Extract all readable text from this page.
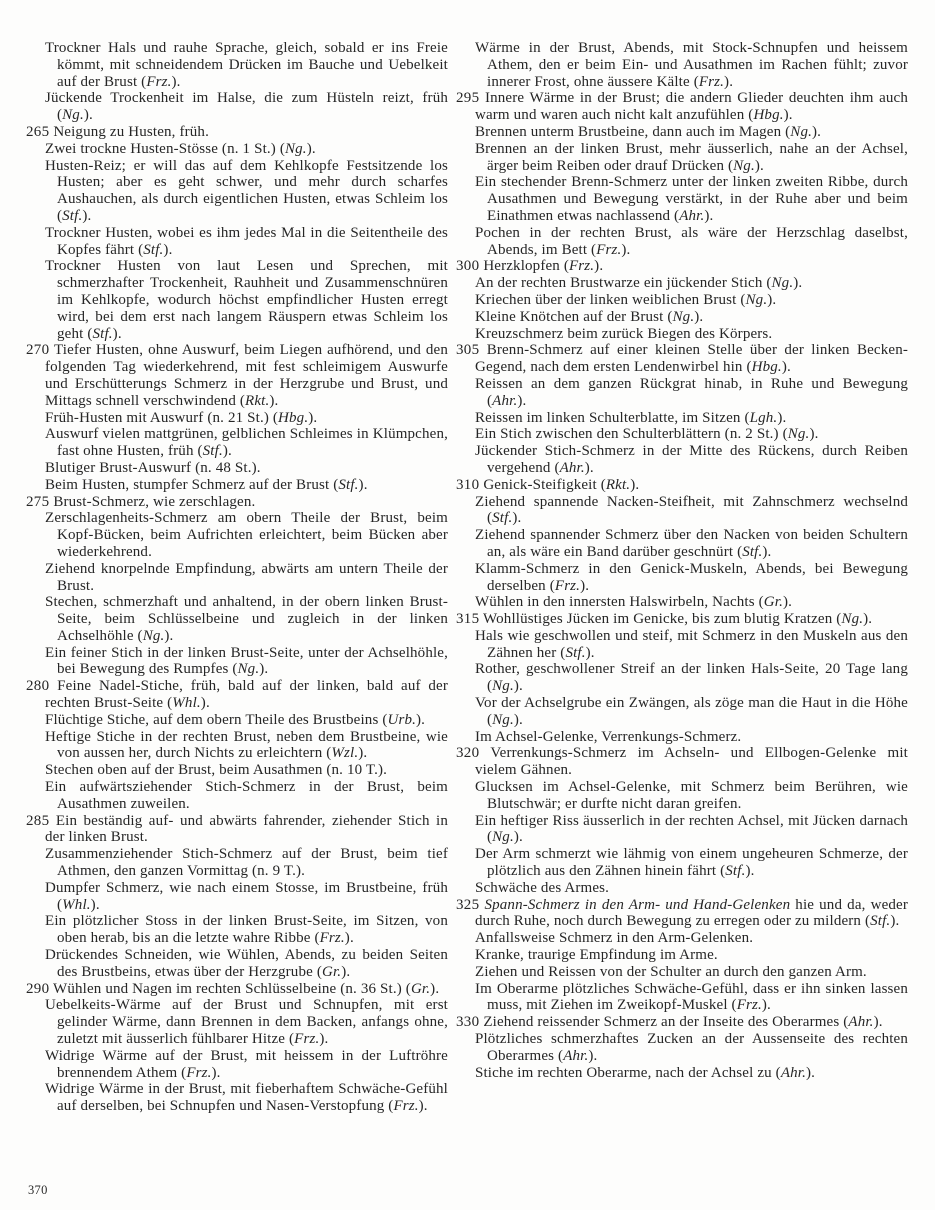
Trockner Hals und rauhe Sprache, gleich, sobald er ins Freie kömmt, mit schneidendem Drücken im Bauche und Uebelkeit auf der Brust (Frz.).

Jückende Trockenheit im Halse, die zum Hüsteln reizt, früh (Ng.).

265 Neigung zu Husten, früh.

Zwei trockne Husten-Stösse (n. 1 St.) (Ng.).

Husten-Reiz; er will das auf dem Kehlkopfe Festsitzende los Husten; aber es geht schwer, und mehr durch scharfes Aushauchen, als durch eigentlichen Husten, etwas Schleim los (Stf.).

Trockner Husten, wobei es ihm jedes Mal in die Seitentheile des Kopfes fährt (Stf.).

Trockner Husten von laut Lesen und Sprechen, mit schmerzhafter Trockenheit, Rauhheit und Zusammenschnüren im Kehlkopfe, wodurch höchst empfindlicher Husten erregt wird, bei dem erst nach langem Räuspern etwas Schleim los geht (Stf.).

270 Tiefer Husten, ohne Auswurf, beim Liegen aufhörend, und den folgenden Tag wiederkehrend, mit fest schleimigem Auswurfe und Erschütterungs Schmerz in der Herzgrube und Brust, und Mittags schnell verschwindend (Rkt.).

Früh-Husten mit Auswurf (n. 21 St.) (Hbg.).

Auswurf vielen mattgrünen, gelblichen Schleimes in Klümpchen, fast ohne Husten, früh (Stf.).

Blutiger Brust-Auswurf (n. 48 St.).

Beim Husten, stumpfer Schmerz auf der Brust (Stf.).

275 Brust-Schmerz, wie zerschlagen.

Zerschlagenheits-Schmerz am obern Theile der Brust, beim Kopf-Bücken, beim Aufrichten erleichtert, beim Bücken aber wiederkehrend.

Ziehend knorpelnde Empfindung, abwärts am untern Theile der Brust.

Stechen, schmerzhaft und anhaltend, in der obern linken Brust-Seite, beim Schlüsselbeine und zugleich in der linken Achselhöhle (Ng.).

Ein feiner Stich in der linken Brust-Seite, unter der Achselhöhle, bei Bewegung des Rumpfes (Ng.).

280 Feine Nadel-Stiche, früh, bald auf der linken, bald auf der rechten Brust-Seite (Whl.).

Flüchtige Stiche, auf dem obern Theile des Brustbeins (Urb.).

Heftige Stiche in der rechten Brust, neben dem Brustbeine, wie von aussen her, durch Nichts zu erleichtern (Wzl.).

Stechen oben auf der Brust, beim Ausathmen (n. 10 T.).

Ein aufwärtsziehender Stich-Schmerz in der Brust, beim Ausathmen zuweilen.

285 Ein beständig auf- und abwärts fahrender, ziehender Stich in der linken Brust.

Zusammenziehender Stich-Schmerz auf der Brust, beim tief Athmen, den ganzen Vormittag (n. 9 T.).

Dumpfer Schmerz, wie nach einem Stosse, im Brustbeine, früh (Whl.).

Ein plötzlicher Stoss in der linken Brust-Seite, im Sitzen, von oben herab, bis an die letzte wahre Ribbe (Frz.).

Drückendes Schneiden, wie Wühlen, Abends, zu beiden Seiten des Brustbeins, etwas über der Herzgrube (Gr.).

290 Wühlen und Nagen im rechten Schlüsselbeine (n. 36 St.) (Gr.).

Uebelkeits-Wärme auf der Brust und Schnupfen, mit erst gelinder Wärme, dann Brennen in dem Backen, anfangs ohne, zuletzt mit äusserlich fühlbarer Hitze (Frz.).

Widrige Wärme auf der Brust, mit heissem in der Luftröhre brennendem Athem (Frz.).

Widrige Wärme in der Brust, mit fieberhaftem Schwäche-Gefühl auf derselben, bei Schnupfen und Nasen-Verstopfung (Frz.).

Wärme in der Brust, Abends, mit Stock-Schnupfen und heissem Athem, den er beim Ein- und Ausathmen im Rachen fühlt; zuvor innerer Frost, ohne äussere Kälte (Frz.).

295 Innere Wärme in der Brust; die andern Glieder deuchten ihm auch warm und waren auch nicht kalt anzufühlen (Hbg.).

Brennen unterm Brustbeine, dann auch im Magen (Ng.).

Brennen an der linken Brust, mehr äusserlich, nahe an der Achsel, ärger beim Reiben oder drauf Drücken (Ng.).

Ein stechender Brenn-Schmerz unter der linken zweiten Ribbe, durch Ausathmen und Bewegung verstärkt, in der Ruhe aber und beim Einathmen etwas nachlassend (Ahr.).

Pochen in der rechten Brust, als wäre der Herzschlag daselbst, Abends, im Bett (Frz.).

300 Herzklopfen (Frz.).

An der rechten Brustwarze ein jückender Stich (Ng.).

Kriechen über der linken weiblichen Brust (Ng.).

Kleine Knötchen auf der Brust (Ng.).

Kreuzschmerz beim zurück Biegen des Körpers.

305 Brenn-Schmerz auf einer kleinen Stelle über der linken Becken-Gegend, nach dem ersten Lendenwirbel hin (Hbg.).

Reissen an dem ganzen Rückgrat hinab, in Ruhe und Bewegung (Ahr.).

Reissen im linken Schulterblatte, im Sitzen (Lgh.).

Ein Stich zwischen den Schulterblättern (n. 2 St.) (Ng.).

Jückender Stich-Schmerz in der Mitte des Rückens, durch Reiben vergehend (Ahr.).

310 Genick-Steifigkeit (Rkt.).

Ziehend spannende Nacken-Steifheit, mit Zahnschmerz wechselnd (Stf.).

Ziehend spannender Schmerz über den Nacken von beiden Schultern an, als wäre ein Band darüber geschnürt (Stf.).

Klamm-Schmerz in den Genick-Muskeln, Abends, bei Bewegung derselben (Frz.).

Wühlen in den innersten Halswirbeln, Nachts (Gr.).

315 Wohllüstiges Jücken im Genicke, bis zum blutig Kratzen (Ng.).

Hals wie geschwollen und steif, mit Schmerz in den Muskeln aus den Zähnen her (Stf.).

Rother, geschwollener Streif an der linken Hals-Seite, 20 Tage lang (Ng.).

Vor der Achselgrube ein Zwängen, als zöge man die Haut in die Höhe (Ng.).

Im Achsel-Gelenke, Verrenkungs-Schmerz.

320 Verrenkungs-Schmerz im Achseln- und Ellbogen-Gelenke mit vielem Gähnen.

Glucksen im Achsel-Gelenke, mit Schmerz beim Berühren, wie Blutschwär; er durfte nicht daran greifen.

Ein heftiger Riss äusserlich in der rechten Achsel, mit Jücken darnach (Ng.).

Der Arm schmerzt wie lähmig von einem ungeheuren Schmerze, der plötzlich aus den Zähnen hinein fährt (Stf.).

Schwäche des Armes.

325 Spann-Schmerz in den Arm- und Hand-Gelenken hie und da, weder durch Ruhe, noch durch Bewegung zu erregen oder zu mildern (Stf.).

Anfallsweise Schmerz in den Arm-Gelenken.

Kranke, traurige Empfindung im Arme.

Ziehen und Reissen von der Schulter an durch den ganzen Arm.

Im Oberarme plötzliches Schwäche-Gefühl, dass er ihn sinken lassen muss, mit Ziehen im Zweikopf-Muskel (Frz.).

330 Ziehend reissender Schmerz an der Inseite des Oberarmes (Ahr.).

Plötzliches schmerzhaftes Zucken an der Aussenseite des rechten Oberarmes (Ahr.).

Stiche im rechten Oberarme, nach der Achsel zu (Ahr.).

370
